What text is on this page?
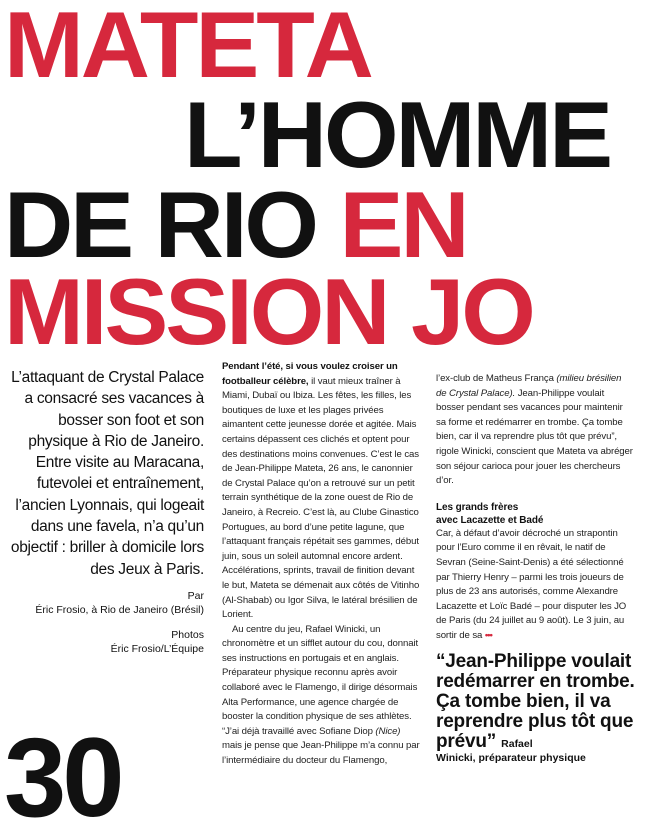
MATETA
L’HOMME
DE RIO EN
MISSION JO
L’attaquant de Crystal Palace a consacré ses vacances à bosser son foot et son physique à Rio de Janeiro. Entre visite au Maracana, futevolei et entraînement, l’ancien Lyonnais, qui logeait dans une favela, n’a qu’un objectif : briller à domicile lors des Jeux à Paris.
Par
Éric Frosio, à Rio de Janeiro (Brésil)
Photos
Éric Frosio/L’Équipe
30

Pendant l’été, si vous voulez croiser un footballeur célèbre, il vaut mieux traîner à Miami, Dubaï ou Ibiza. Les fêtes, les filles, les boutiques de luxe et les plages privées aimantent cette jeunesse dorée et agitée. Mais certains dépassent ces clichés et optent pour des destinations moins convenues. C’est le cas de Jean-Philippe Mateta, 26 ans, le canonnier de Crystal Palace qu’on a retrouvé sur un petit terrain synthétique de la zone ouest de Rio de Janeiro, à Recreio. C’est là, au Clube Ginastico Portugues, au bord d’une petite lagune, que l’attaquant français répétait ses gammes, début juin, sous un soleil automnal encore ardent. Accélérations, sprints, travail de finition devant le but, Mateta se démenait aux côtés de Vitinho (Al-Shabab) ou Igor Silva, le latéral brésilien de Lorient.

Au centre du jeu, Rafael Winicki, un chronomètre et un sifflet autour du cou, donnait ses instructions en portugais et en anglais. Préparateur physique reconnu après avoir collaboré avec le Flamengo, il dirige désormais Alta Performance, une agence chargée de booster la condition physique de ses athlètes. “J’ai déjà travaillé avec Sofiane Diop (Nice) mais je pense que Jean-Philippe m’a connu par l’intermédiaire du docteur du Flamengo,

l’ex-club de Matheus França (milieu brésilien de Crystal Palace). Jean-Philippe voulait bosser pendant ses vacances pour maintenir sa forme et redémarrer en trombe. Ça tombe bien, car il va reprendre plus tôt que prévu”, rigole Winicki, conscient que Mateta va abréger son séjour carioca pour jouer les chercheurs d’or.

Les grands frères
avec Lacazette et Badé

Car, à défaut d’avoir décroché un strapontin pour l’Euro comme il en rêvait, le natif de Sevran (Seine-Saint-Denis) a été sélectionné par Thierry Henry – parmi les trois joueurs de plus de 23 ans autorisés, comme Alexandre Lacazette et Loïc Badé – pour disputer les JO de Paris (du 24 juillet au 9 août). Le 3 juin, au sortir de sa •••

“Jean-Philippe voulait redémarrer en trombe. Ça tombe bien, il va reprendre plus tôt que prévu” Rafael
Winicki, préparateur physique
